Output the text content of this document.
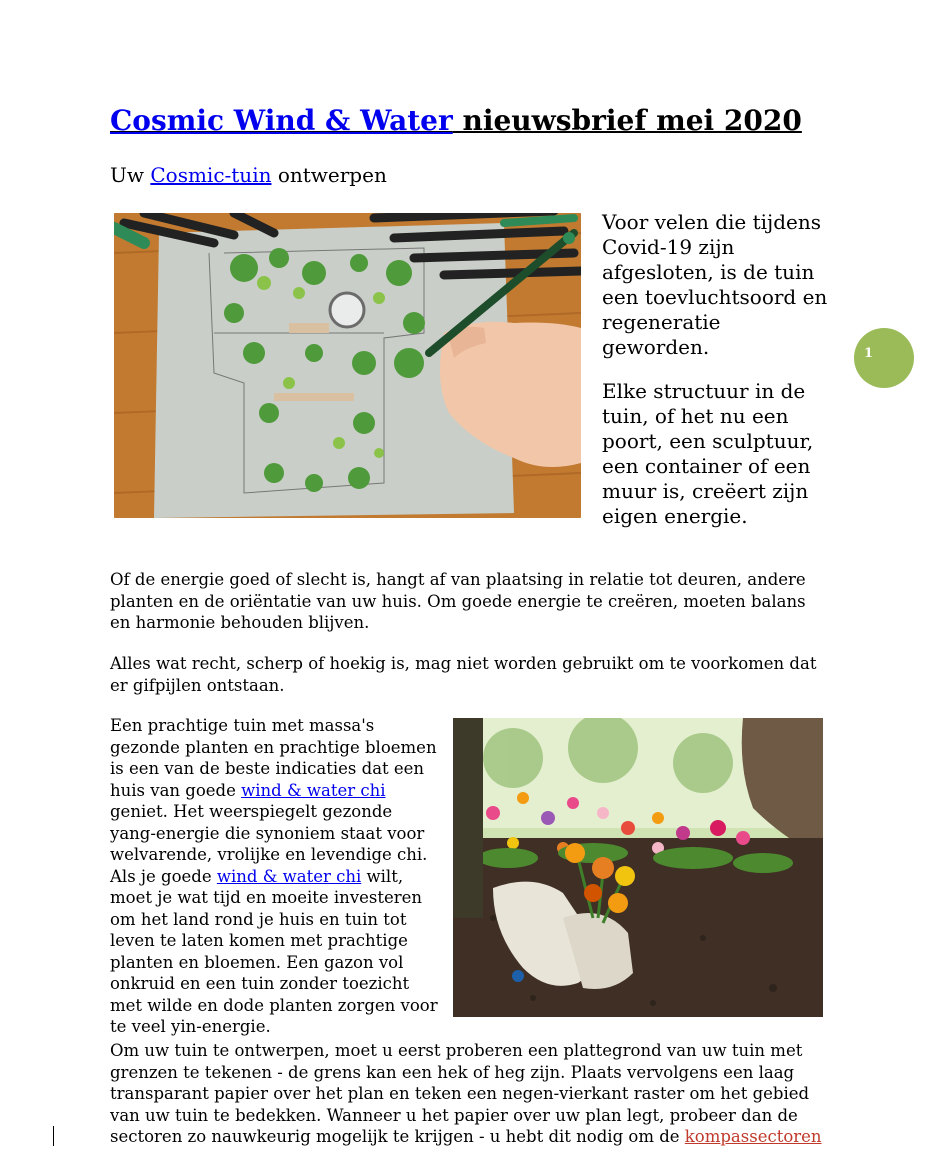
Cosmic Wind & Water nieuwsbrief mei 2020

Uw Cosmic-tuin ontwerpen

Voor velen die tijdens Covid-19 zijn afgesloten, is de tuin een toevluchtsoord en regeneratie geworden.

Elke structuur in de tuin, of het nu een poort, een sculptuur, een container of een muur is, creëert zijn eigen energie.

1

Of de energie goed of slecht is, hangt af van plaatsing in relatie tot deuren, andere planten en de oriëntatie van uw huis. Om goede energie te creëren, moeten balans en harmonie behouden blijven.

Alles wat recht, scherp of hoekig is, mag niet worden gebruikt om te voorkomen dat er gifpijlen ontstaan.

Een prachtige tuin met massa's gezonde planten en prachtige bloemen is een van de beste indicaties dat een huis van goede wind & water chi geniet. Het weerspiegelt gezonde yang-energie die synoniem staat voor welvarende, vrolijke en levendige chi. Als je goede wind & water chi wilt, moet je wat tijd en moeite investeren om het land rond je huis en tuin tot leven te laten komen met prachtige planten en bloemen. Een gazon vol onkruid en een tuin zonder toezicht met wilde en dode planten zorgen voor te veel yin-energie.

Om uw tuin te ontwerpen, moet u eerst proberen een plattegrond van uw tuin met grenzen te tekenen - de grens kan een hek of heg zijn. Plaats vervolgens een laag transparant papier over het plan en teken een negen-vierkant raster om het gebied van uw tuin te bedekken. Wanneer u het papier over uw plan legt, probeer dan de sectoren zo nauwkeurig mogelijk te krijgen - u hebt dit nodig om de kompassectoren
